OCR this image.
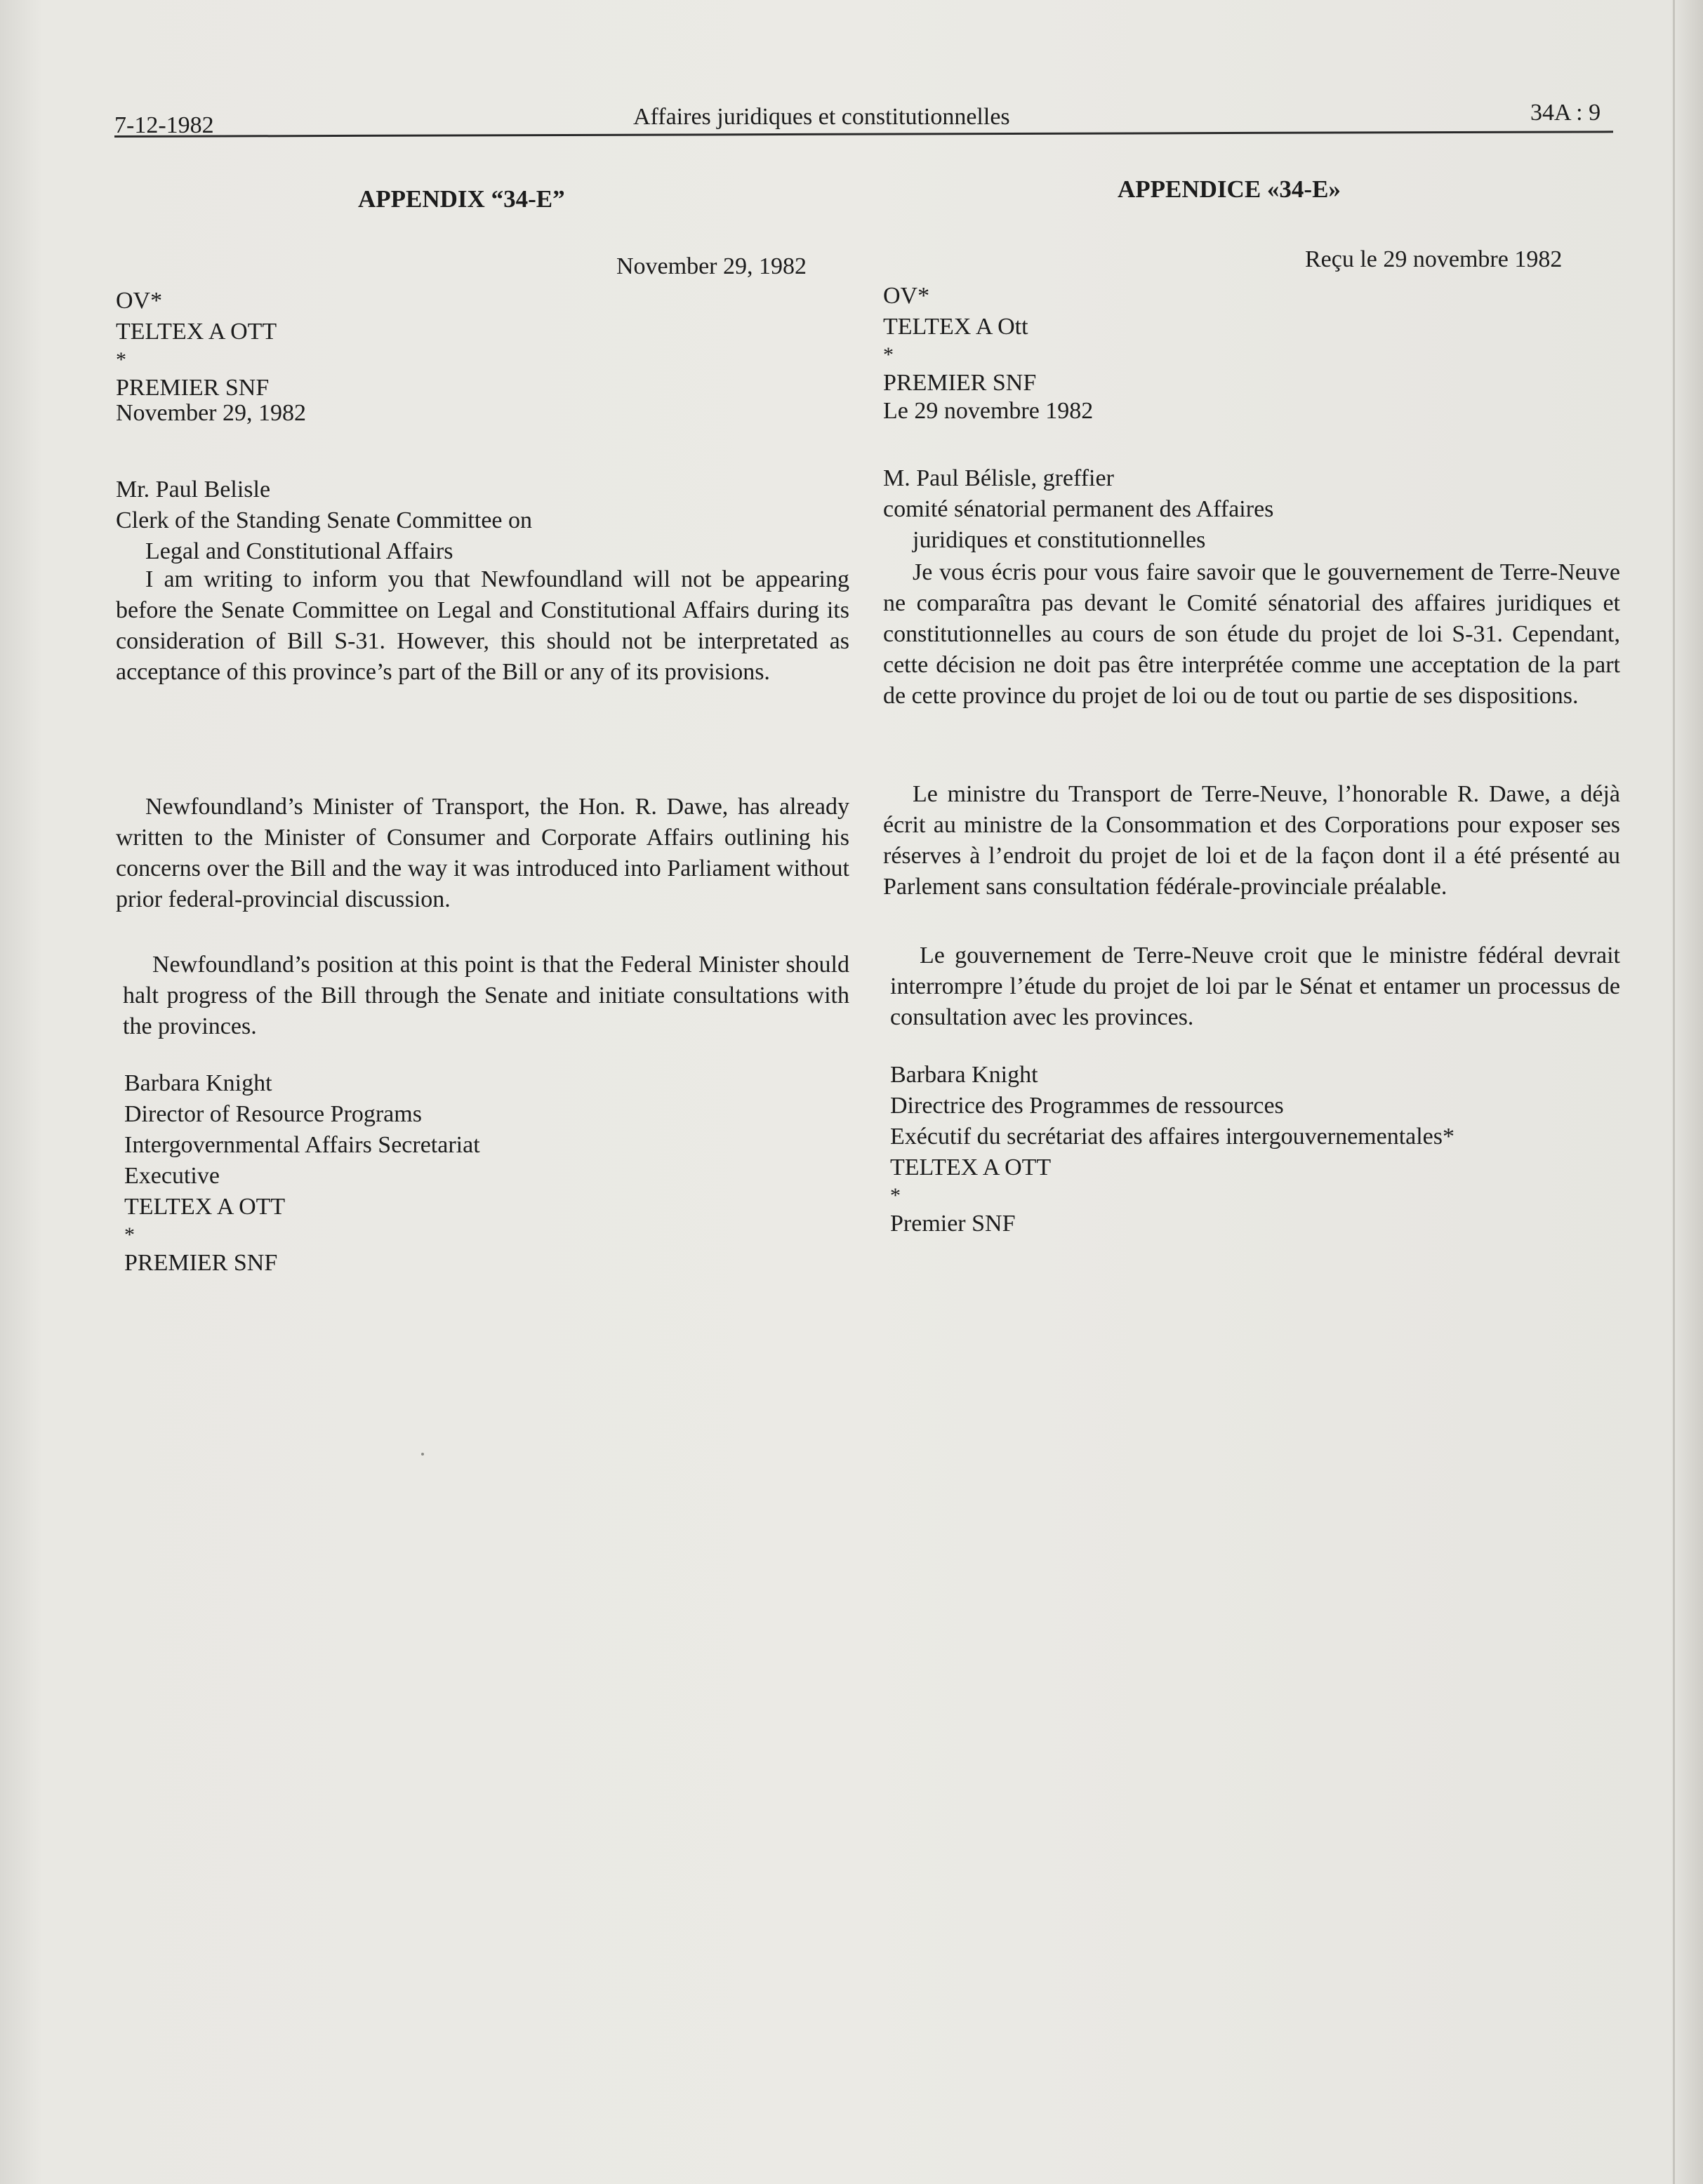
7-12-1982	Affaires juridiques et constitutionnelles	34A : 9
APPENDIX “34-E”
November 29, 1982
OV*
TELTEX A OTT
*
PREMIER SNF
November 29, 1982
Mr. Paul Belisle
Clerk of the Standing Senate Committee on
Legal and Constitutional Affairs

I am writing to inform you that Newfoundland will not be appearing before the Senate Committee on Legal and Constitutional Affairs during its consideration of Bill S-31. However, this should not be interpretated as acceptance of this province’s part of the Bill or any of its provisions.

Newfoundland’s Minister of Transport, the Hon. R. Dawe, has already written to the Minister of Consumer and Corporate Affairs outlining his concerns over the Bill and the way it was introduced into Parliament without prior federal-provincial discussion.

Newfoundland’s position at this point is that the Federal Minister should halt progress of the Bill through the Senate and initiate consultations with the provinces.

Barbara Knight
Director of Resource Programs
Intergovernmental Affairs Secretariat
Executive
TELTEX A OTT
*
PREMIER SNF
APPENDICE «34-E»
Reçu le 29 novembre 1982
OV*
TELTEX A Ott
*
PREMIER SNF
Le 29 novembre 1982
M. Paul Bélisle, greffier
comité sénatorial permanent des Affaires
juridiques et constitutionnelles

Je vous écris pour vous faire savoir que le gouvernement de Terre-Neuve ne comparaîtra pas devant le Comité sénatorial des affaires juridiques et constitutionnelles au cours de son étude du projet de loi S-31. Cependant, cette décision ne doit pas être interprétée comme une acceptation de la part de cette province du projet de loi ou de tout ou partie de ses dispositions.

Le ministre du Transport de Terre-Neuve, l’honorable R. Dawe, a déjà écrit au ministre de la Consommation et des Corporations pour exposer ses réserves à l’endroit du projet de loi et de la façon dont il a été présenté au Parlement sans consultation fédérale-provinciale préalable.

Le gouvernement de Terre-Neuve croit que le ministre fédéral devrait interrompre l’étude du projet de loi par le Sénat et entamer un processus de consultation avec les provinces.

Barbara Knight
Directrice des Programmes de ressources
Exécutif du secrétariat des affaires intergouvernementales*
TELTEX A OTT
*
Premier SNF
